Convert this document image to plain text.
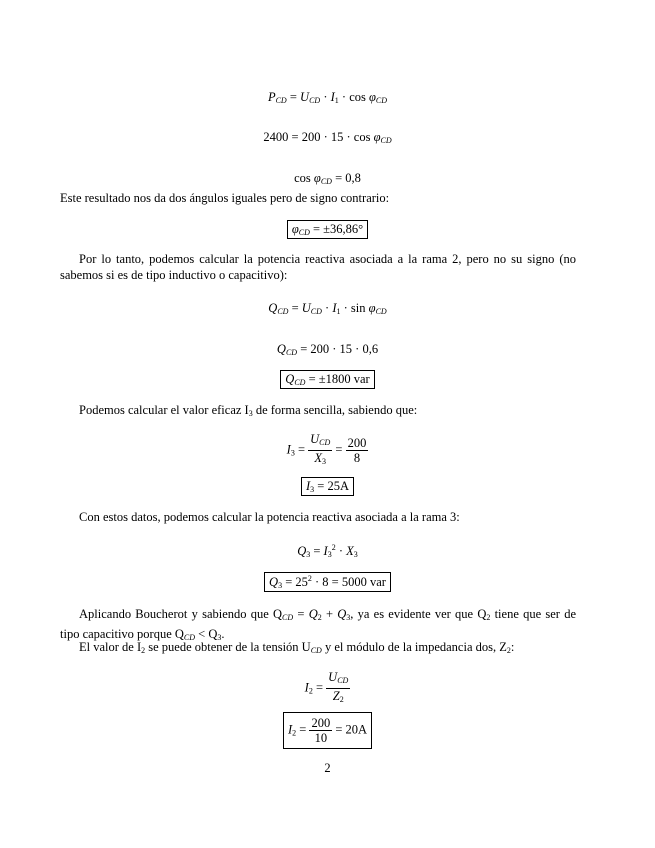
$P_{CD} = U_{CD} \cdot I_1 \cdot \cos \varphi_{CD}$
$2400 = 200 \cdot 15 \cdot \cos \varphi_{CD}$
$\cos \varphi_{CD} = 0,8$
Este resultado nos da dos ángulos iguales pero de signo contrario:
$\varphi_{CD} = \pm 36,86^\circ$
Por lo tanto, podemos calcular la potencia reactiva asociada a la rama 2, pero no su signo (no sabemos si es de tipo inductivo o capacitivo):
$Q_{CD} = U_{CD} \cdot I_1 \cdot \sin \varphi_{CD}$
$Q_{CD} = 200 \cdot 15 \cdot 0,6$
$Q_{CD} = \pm 1800$ var
Podemos calcular el valor eficaz $I_3$ de forma sencilla, sabiendo que:
$I_3 = \frac{U_{CD}}{X_3} = \frac{200}{8}$
$I_3 = 25A$
Con estos datos, podemos calcular la potencia reactiva asociada a la rama 3:
$Q_3 = I_3^2 \cdot X_3$
$Q_3 = 25^2 \cdot 8 = 5000$ var
Aplicando Boucherot y sabiendo que $Q_{CD} = Q_2 + Q_3$, ya es evidente ver que $Q_2$ tiene que ser de tipo capacitivo porque $Q_{CD} < Q_3$.
El valor de $I_2$ se puede obtener de la tensión $U_{CD}$ y el módulo de la impedancia dos, $Z_2$:
$I_2 = \frac{U_{CD}}{Z_2}$
$I_2 = \frac{200}{10} = 20A$
2
